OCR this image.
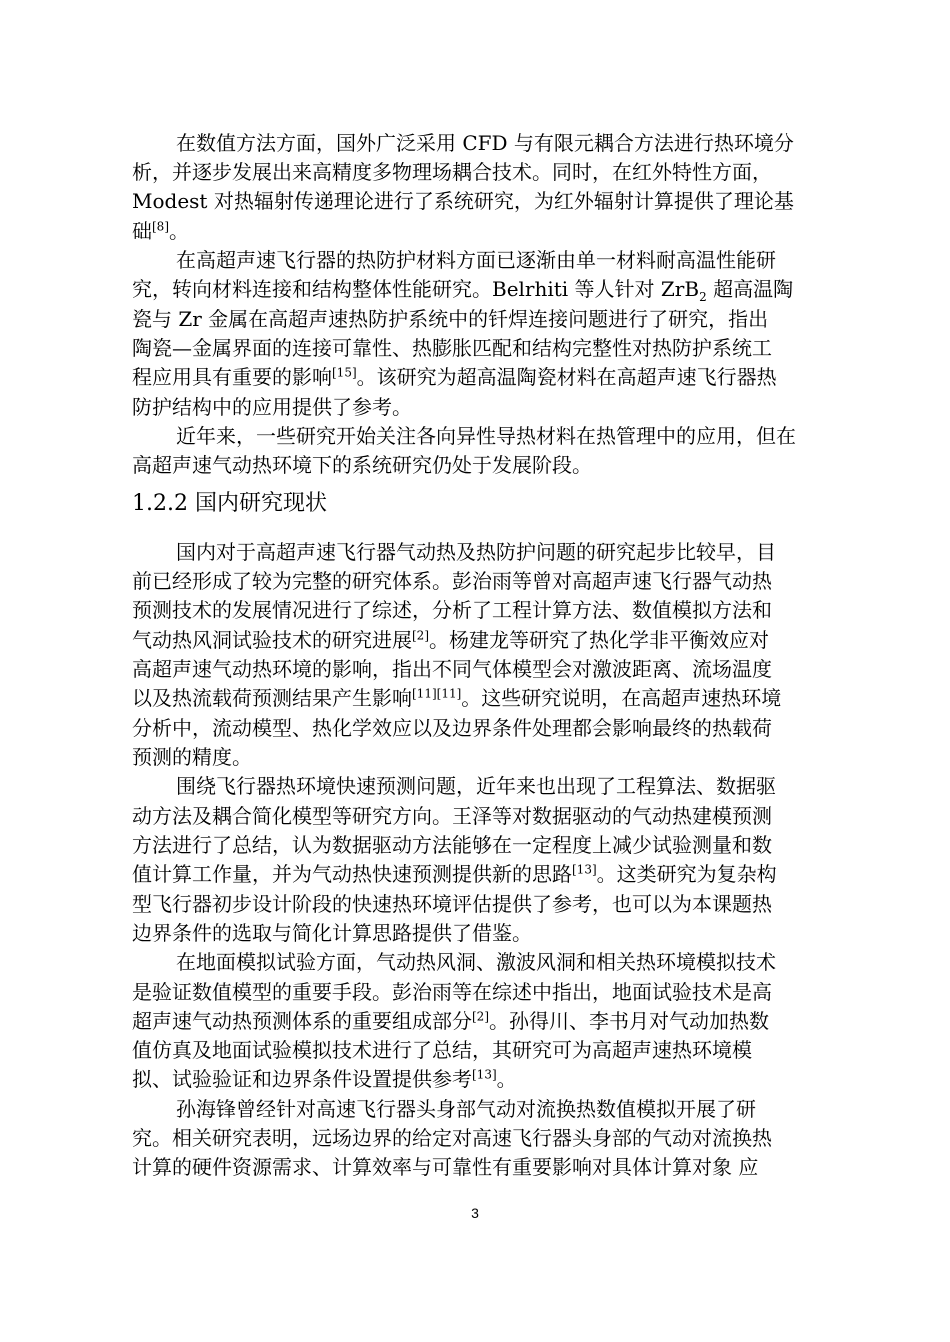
1.2.2 国内研究现状
在数值方法方面，国外广泛采用 CFD 与有限元耦合方法进行热环境分
析，并逐步发展出来高精度多物理场耦合技术。同时，在红外特性方面，
Modest 对热辐射传递理论进行了系统研究，为红外辐射计算提供了理论基
础[8]。
在高超声速飞行器的热防护材料方面已逐渐由单一材料耐高温性能研
究，转向材料连接和结构整体性能研究。Belrhiti 等人针对 ZrB$_2$ 超高温陶
瓷与 Zr 金属在高超声速热防护系统中的钎焊连接问题进行了研究，指出
陶瓷—金属界面的连接可靠性、热膨胀匹配和结构完整性对热防护系统工
程应用具有重要的影响[15]。该研究为超高温陶瓷材料在高超声速飞行器热
防护结构中的应用提供了参考。
近年来，一些研究开始关注各向异性导热材料在热管理中的应用，但在
高超声速气动热环境下的系统研究仍处于发展阶段。
国内对于高超声速飞行器气动热及热防护问题的研究起步比较早，目
前已经形成了较为完整的研究体系。彭治雨等曾对高超声速飞行器气动热
预测技术的发展情况进行了综述，分析了工程计算方法、数值模拟方法和
气动热风洞试验技术的研究进展[2]。杨建龙等研究了热化学非平衡效应对
高超声速气动热环境的影响，指出不同气体模型会对激波距离、流场温度
以及热流载荷预测结果产生影响[11][11]。这些研究说明，在高超声速热环境
分析中，流动模型、热化学效应以及边界条件处理都会影响最终的热载荷
预测的精度。
围绕飞行器热环境快速预测问题，近年来也出现了工程算法、数据驱
动方法及耦合简化模型等研究方向。王泽等对数据驱动的气动热建模预测
方法进行了总结，认为数据驱动方法能够在一定程度上减少试验测量和数
值计算工作量，并为气动热快速预测提供新的思路[13]。这类研究为复杂构
型飞行器初步设计阶段的快速热环境评估提供了参考，也可以为本课题热
边界条件的选取与简化计算思路提供了借鉴。
在地面模拟试验方面，气动热风洞、激波风洞和相关热环境模拟技术
是验证数值模型的重要手段。彭治雨等在综述中指出，地面试验技术是高
超声速气动热预测体系的重要组成部分[2]。孙得川、李书月对气动加热数
值仿真及地面试验模拟技术进行了总结，其研究可为高超声速热环境模
拟、试验验证和边界条件设置提供参考[13]。
孙海锋曾经针对高速飞行器头身部气动对流换热数值模拟开展了研
究。相关研究表明，远场边界的给定对高速飞行器头身部的气动对流换热
计算的硬件资源需求、计算效率与可靠性有重要影响对具体计算对象 应
3
